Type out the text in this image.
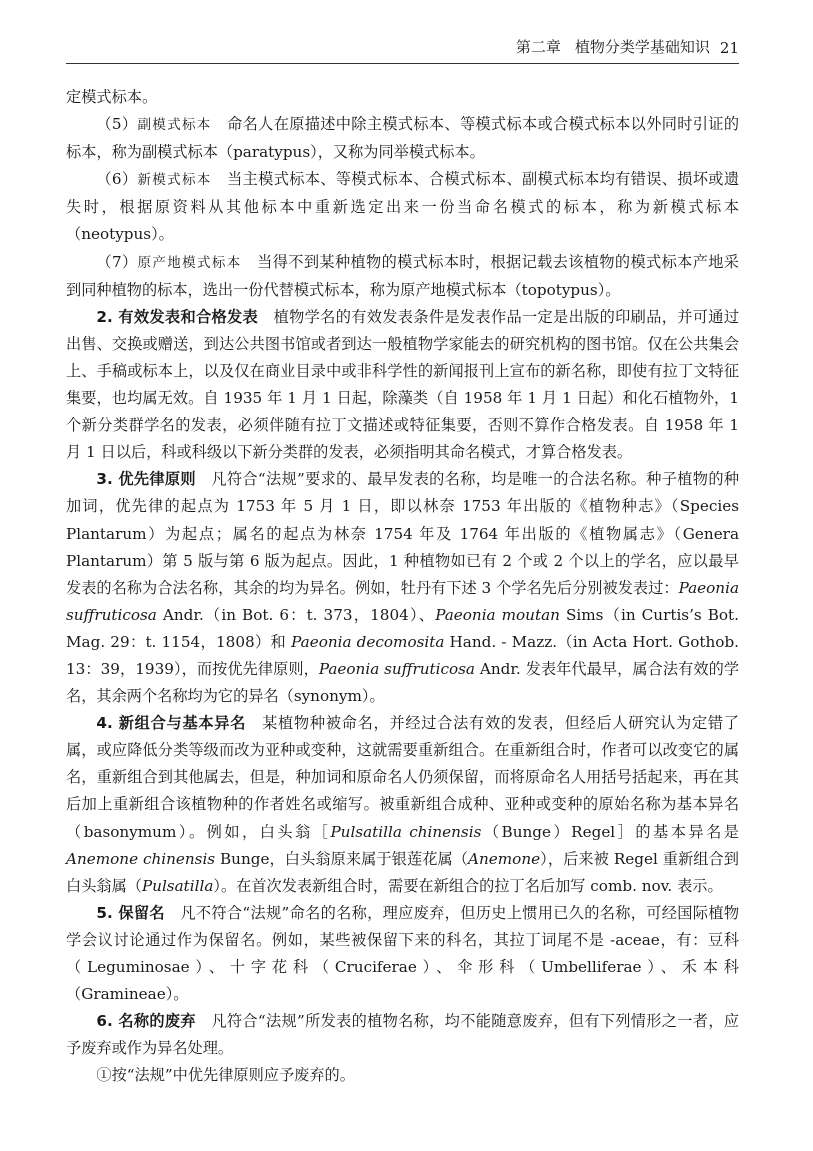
第二章 植物分类学基础知识 21

定模式标本。

（5）副模式标本　命名人在原描述中除主模式标本、等模式标本或合模式标本以外同时引证的标本，称为副模式标本（paratypus），又称为同举模式标本。

（6）新模式标本　当主模式标本、等模式标本、合模式标本、副模式标本均有错误、损坏或遗失时，根据原资料从其他标本中重新选定出来一份当命名模式的标本，称为新模式标本（neotypus）。

（7）原产地模式标本　当得不到某种植物的模式标本时，根据记载去该植物的模式标本产地采到同种植物的标本，选出一份代替模式标本，称为原产地模式标本（topotypus）。

2. 有效发表和合格发表　植物学名的有效发表条件是发表作品一定是出版的印刷品，并可通过出售、交换或赠送，到达公共图书馆或者到达一般植物学家能去的研究机构的图书馆。仅在公共集会上、手稿或标本上，以及仅在商业目录中或非科学性的新闻报刊上宣布的新名称，即使有拉丁文特征集要，也均属无效。自 1935 年 1 月 1 日起，除藻类（自 1958 年 1 月 1 日起）和化石植物外，1 个新分类群学名的发表，必须伴随有拉丁文描述或特征集要，否则不算作合格发表。自 1958 年 1 月 1 日以后，科或科级以下新分类群的发表，必须指明其命名模式，才算合格发表。

3. 优先律原则　凡符合“法规”要求的、最早发表的名称，均是唯一的合法名称。种子植物的种加词，优先律的起点为 1753 年 5 月 1 日，即以林奈 1753 年出版的《植物种志》（Species Plantarum）为起点；属名的起点为林奈 1754 年及 1764 年出版的《植物属志》（Genera Plantarum）第 5 版与第 6 版为起点。因此，1 种植物如已有 2 个或 2 个以上的学名，应以最早发表的名称为合法名称，其余的均为异名。例如，牡丹有下述 3 个学名先后分别被发表过：Paeonia suffruticosa Andr.（in Bot. 6：t. 373，1804）、Paeonia moutan Sims（in Curtis’s Bot. Mag. 29：t. 1154，1808）和 Paeonia decomosita Hand. - Mazz.（in Acta Hort. Gothob. 13：39，1939），而按优先律原则，Paeonia suffruticosa Andr. 发表年代最早，属合法有效的学名，其余两个名称均为它的异名（synonym）。

4. 新组合与基本异名　某植物种被命名，并经过合法有效的发表，但经后人研究认为定错了属，或应降低分类等级而改为亚种或变种，这就需要重新组合。在重新组合时，作者可以改变它的属名，重新组合到其他属去，但是，种加词和原命名人仍须保留，而将原命名人用括号括起来，再在其后加上重新组合该植物种的作者姓名或缩写。被重新组合成种、亚种或变种的原始名称为基本异名（basonymum）。例如，白头翁［Pulsatilla chinensis（Bunge）Regel］的基本异名是 Anemone chinensis Bunge，白头翁原来属于银莲花属（Anemone），后来被 Regel 重新组合到白头翁属（Pulsatilla）。在首次发表新组合时，需要在新组合的拉丁名后加写 comb. nov. 表示。

5. 保留名　凡不符合“法规”命名的名称，理应废弃，但历史上惯用已久的名称，可经国际植物学会议讨论通过作为保留名。例如，某些被保留下来的科名，其拉丁词尾不是 -aceae，有：豆科（Leguminosae）、十字花科（Cruciferae）、伞形科（Umbelliferae）、禾本科（Gramineae）。

6. 名称的废弃　凡符合“法规”所发表的植物名称，均不能随意废弃，但有下列情形之一者，应予废弃或作为异名处理。

①按“法规”中优先律原则应予废弃的。
